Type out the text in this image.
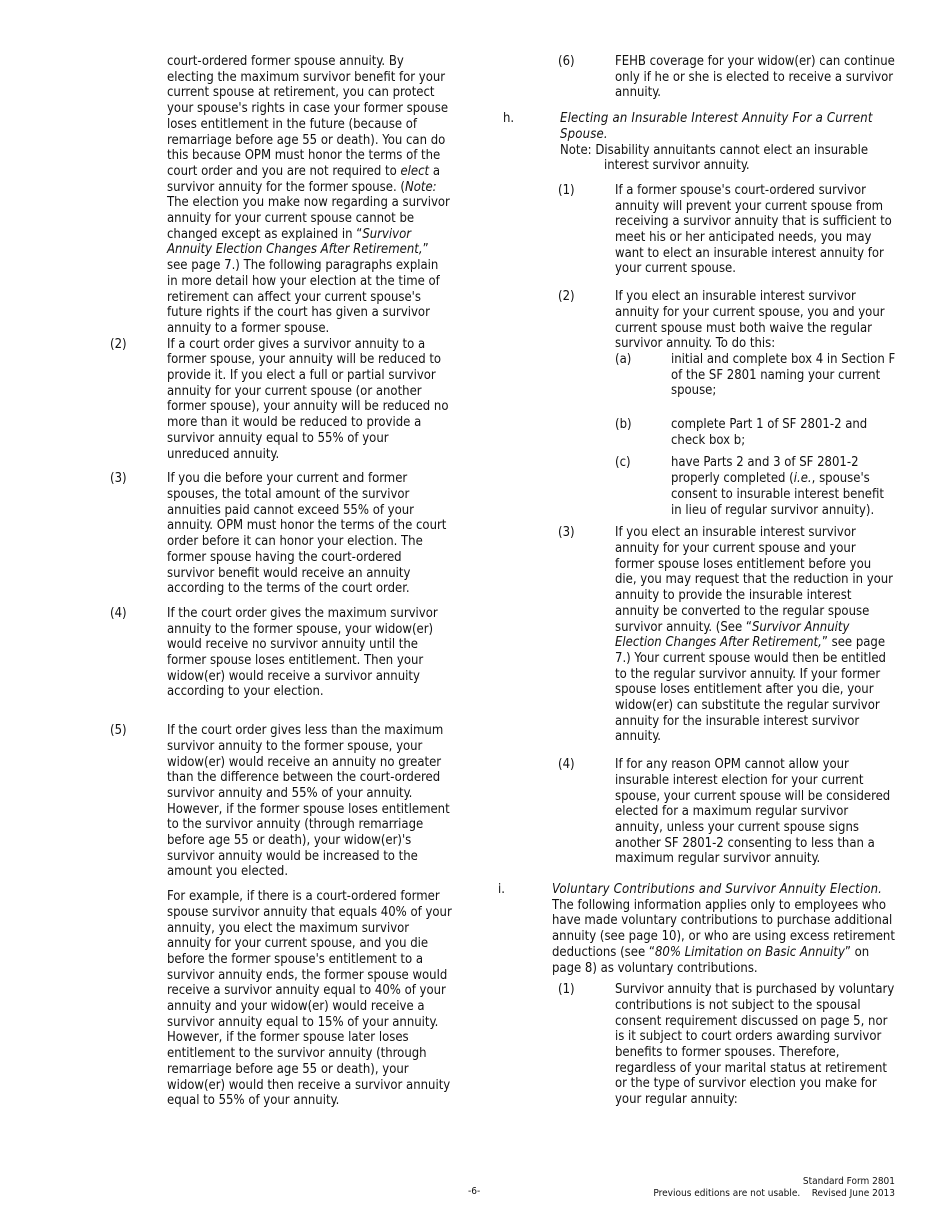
court-ordered former spouse annuity. By electing the maximum survivor benefit for your current spouse at retirement, you can protect your spouse's rights in case your former spouse loses entitlement in the future (because of remarriage before age 55 or death). You can do this because OPM must honor the terms of the court order and you are not required to elect a survivor annuity for the former spouse. (Note: The election you make now regarding a survivor annuity for your current spouse cannot be changed except as explained in “Survivor Annuity Election Changes After Retirement,” see page 7.) The following paragraphs explain in more detail how your election at the time of retirement can affect your current spouse's future rights if the court has given a survivor annuity to a former spouse.

(2)	If a court order gives a survivor annuity to a former spouse, your annuity will be reduced to provide it. If you elect a full or partial survivor annuity for your current spouse (or another former spouse), your annuity will be reduced no more than it would be reduced to provide a survivor annuity equal to 55% of your unreduced annuity.

(3)	If you die before your current and former spouses, the total amount of the survivor annuities paid cannot exceed 55% of your annuity. OPM must honor the terms of the court order before it can honor your election. The former spouse having the court-ordered survivor benefit would receive an annuity according to the terms of the court order.

(4)	If the court order gives the maximum survivor annuity to the former spouse, your widow(er) would receive no survivor annuity until the former spouse loses entitlement. Then your widow(er) would receive a survivor annuity according to your election.

(5)	If the court order gives less than the maximum survivor annuity to the former spouse, your widow(er) would receive an annuity no greater than the difference between the court-ordered survivor annuity and 55% of your annuity. However, if the former spouse loses entitlement to the survivor annuity (through remarriage before age 55 or death), your widow(er)'s survivor annuity would be increased to the amount you elected.

For example, if there is a court-ordered former spouse survivor annuity that equals 40% of your annuity, you elect the maximum survivor annuity for your current spouse, and you die before the former spouse's entitlement to a survivor annuity ends, the former spouse would receive a survivor annuity equal to 40% of your annuity and your widow(er) would receive a survivor annuity equal to 15% of your annuity. However, if the former spouse later loses entitlement to the survivor annuity (through remarriage before age 55 or death), your widow(er) would then receive a survivor annuity equal to 55% of your annuity.

(6)	FEHB coverage for your widow(er) can continue only if he or she is elected to receive a survivor annuity.

h.	Electing an Insurable Interest Annuity For a Current Spouse.

Note: Disability annuitants cannot elect an insurable interest survivor annuity.

(1)	If a former spouse's court-ordered survivor annuity will prevent your current spouse from receiving a survivor annuity that is sufficient to meet his or her anticipated needs, you may want to elect an insurable interest annuity for your current spouse.

(2)	If you elect an insurable interest survivor annuity for your current spouse, you and your current spouse must both waive the regular survivor annuity. To do this:

(a)	initial and complete box 4 in Section F of the SF 2801 naming your current spouse;

(b)	complete Part 1 of SF 2801-2 and check box b;

(c)	have Parts 2 and 3 of SF 2801-2 properly completed (i.e., spouse's consent to insurable interest benefit in lieu of regular survivor annuity).

(3)	If you elect an insurable interest survivor annuity for your current spouse and your former spouse loses entitlement before you die, you may request that the reduction in your annuity to provide the insurable interest annuity be converted to the regular spouse survivor annuity. (See “Survivor Annuity Election Changes After Retirement,” see page 7.) Your current spouse would then be entitled to the regular survivor annuity. If your former spouse loses entitlement after you die, your widow(er) can substitute the regular survivor annuity for the insurable interest survivor annuity.

(4)	If for any reason OPM cannot allow your insurable interest election for your current spouse, your current spouse will be considered elected for a maximum regular survivor annuity, unless your current spouse signs another SF 2801-2 consenting to less than a maximum regular survivor annuity.

i.	Voluntary Contributions and Survivor Annuity Election.

The following information applies only to employees who have made voluntary contributions to purchase additional annuity (see page 10), or who are using excess retirement deductions (see “80% Limitation on Basic Annuity” on page 8) as voluntary contributions.

(1)	Survivor annuity that is purchased by voluntary contributions is not subject to the spousal consent requirement discussed on page 5, nor is it subject to court orders awarding survivor benefits to former spouses. Therefore, regardless of your marital status at retirement or the type of survivor election you make for your regular annuity:

-6-
Standard Form 2801
Previous editions are not usable. Revised June 2013
